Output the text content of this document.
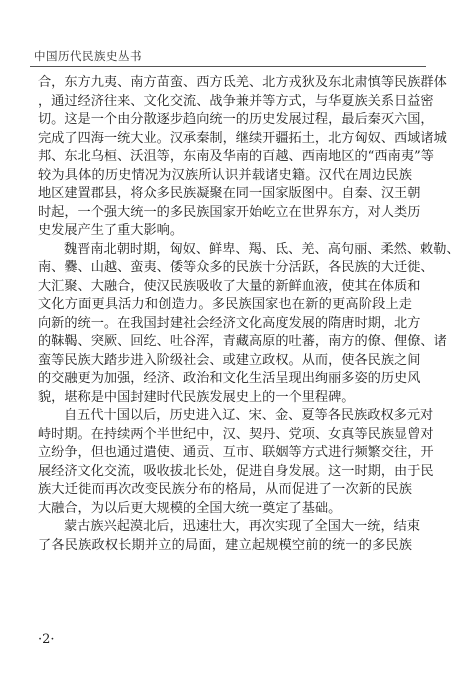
中国历代民族史丛书
合，东方九夷、南方苗蛮、西方氐羌、北方戎狄及东北肃慎等民族群体
，通过经济往来、文化交流、战争兼并等方式，与华夏族关系日益密
切。这是一个由分散逐步趋向统一的历史发展过程，最后秦灭六国，
完成了四海一统大业。汉承秦制，继续开疆拓土，北方匈奴、西域诸城
邦、东北乌桓、沃沮等，东南及华南的百越、西南地区的“西南夷”等
较为具体的历史情况为汉族所认识并载诸史籍。汉代在周边民族
地区建置郡县，将众多民族凝聚在同一国家版图中。自秦、汉王朝
时起，一个强大统一的多民族国家开始屹立在世界东方，对人类历
史发展产生了重大影响。
魏晋南北朝时期，匈奴、鲜卑、羯、氐、羌、高句丽、柔然、敕勒、
南、爨、山越、蛮夷、倭等众多的民族十分活跃，各民族的大迁徙、
大汇聚、大融合，使汉民族吸收了大量的新鲜血液，使其在体质和
文化方面更具活力和创造力。多民族国家也在新的更高阶段上走
向新的统一。在我国封建社会经济文化高度发展的隋唐时期，北方
的靺鞨、突厥、回纥、吐谷浑，青藏高原的吐蕃，南方的僚、俚僚、诸
蛮等民族大踏步进入阶级社会、或建立政权。从而，使各民族之间
的交融更为加强，经济、政治和文化生活呈现出绚丽多姿的历史风
貌，堪称是中国封建时代民族发展史上的一个里程碑。
自五代十国以后，历史进入辽、宋、金、夏等各民族政权多元对
峙时期。在持续两个半世纪中，汉、契丹、党项、女真等民族显曾对
立纷争，但也通过遣使、通贡、互市、联姻等方式进行频繁交往，开
展经济文化交流，吸收拔北长处，促进自身发展。这一时期，由于民
族大迁徙而再次改变民族分布的格局，从而促进了一次新的民族
大融合，为以后更大规模的全国大统一奠定了基础。
蒙古族兴起漠北后，迅速壮大，再次实现了全国大一统，结束
了各民族政权长期并立的局面，建立起规模空前的统一的多民族
·2·
